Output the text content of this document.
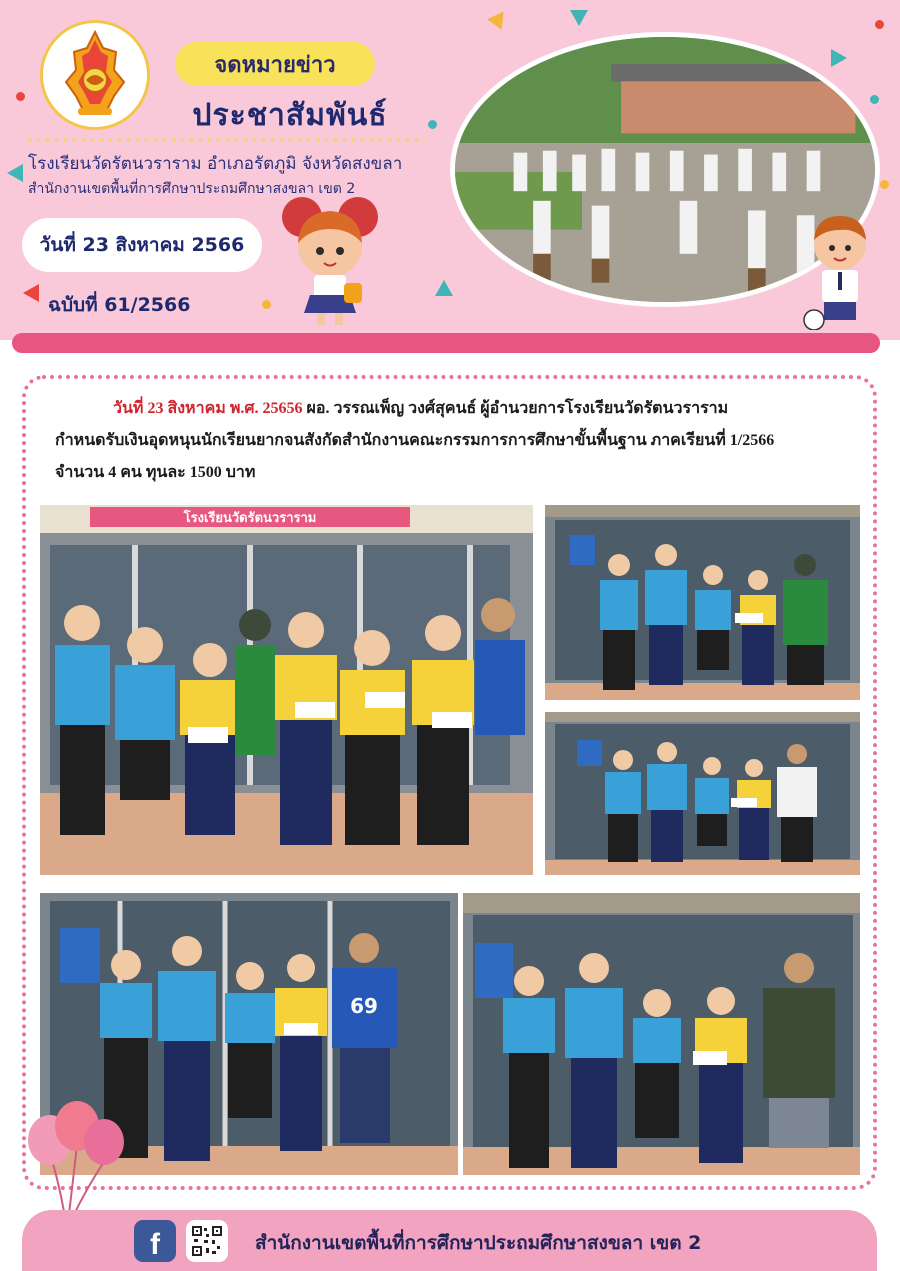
จดหมายข่าว
ประชาสัมพันธ์
โรงเรียนวัดรัตนวราราม อำเภอรัตภูมิ จังหวัดสงขลา
สำนักงานเขตพื้นที่การศึกษาประถมศึกษาสงขลา เขต 2
วันที่ 23 สิงหาคม 2566
ฉบับที่ 61/2566
วันที่ 23 สิงหาคม พ.ศ. 25656 ผอ. วรรณเพ็ญ วงศ์สุคนธ์ ผู้อำนวยการโรงเรียนวัดรัตนวราราม
กำหนดรับเงินอุดหนุนนักเรียนยากจนสังกัดสำนักงานคณะกรรมการการศึกษาขั้นพื้นฐาน ภาคเรียนที่ 1/2566
จำนวน 4 คน ทุนละ 1500 บาท
โรงเรียนวัดรัตนวราราม
69
f	สำนักงานเขตพื้นที่การศึกษาประถมศึกษาสงขลา เขต 2
